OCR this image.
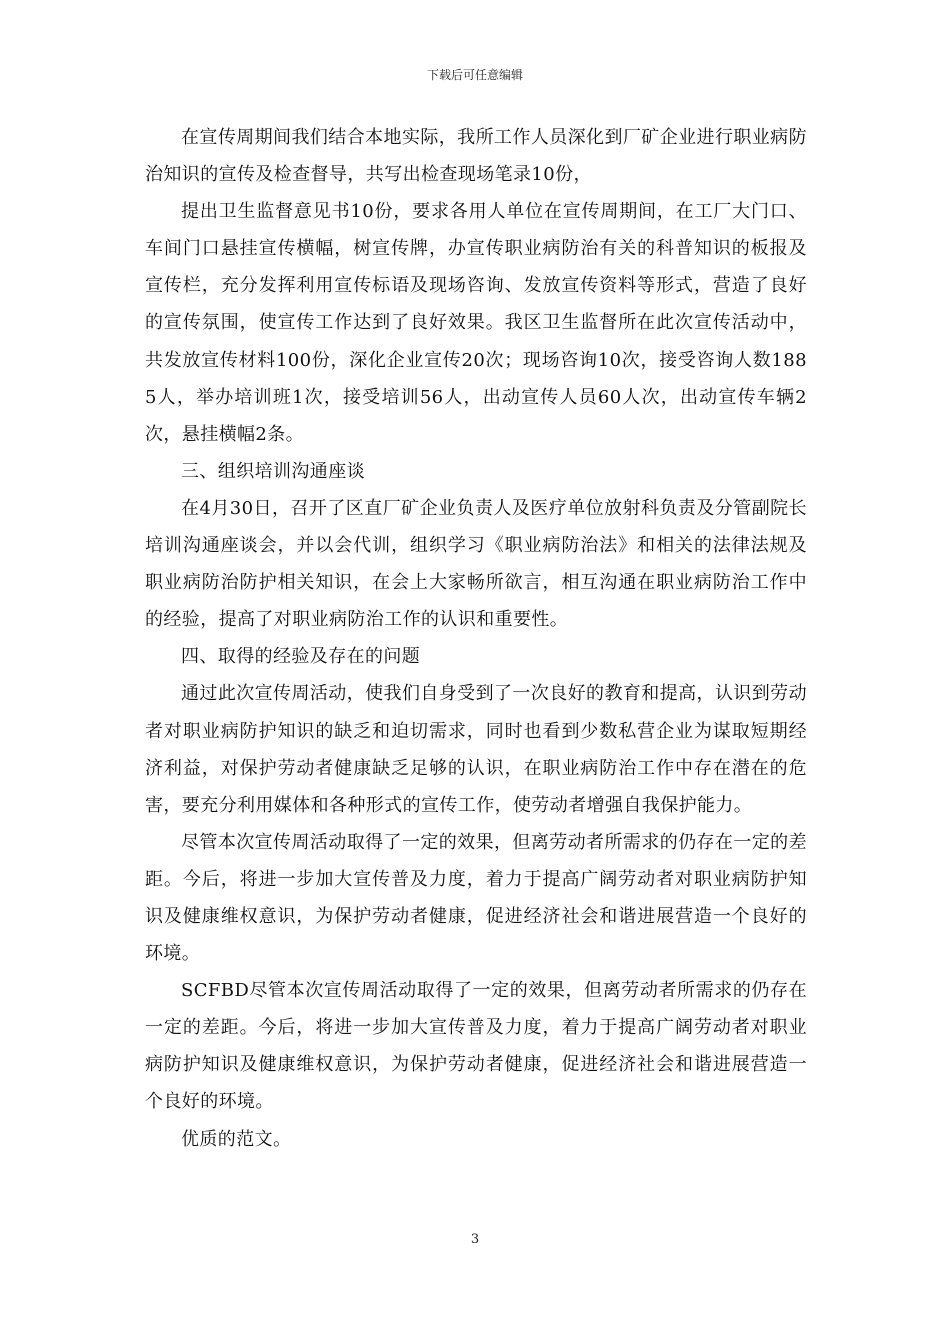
下载后可任意编辑

在宣传周期间我们结合本地实际，我所工作人员深化到厂矿企业进行职业病防治知识的宣传及检查督导，共写出检查现场笔录10份，

提出卫生监督意见书10份，要求各用人单位在宣传周期间，在工厂大门口、车间门口悬挂宣传横幅，树宣传牌，办宣传职业病防治有关的科普知识的板报及宣传栏，充分发挥利用宣传标语及现场咨询、发放宣传资料等形式，营造了良好的宣传氛围，使宣传工作达到了良好效果。我区卫生监督所在此次宣传活动中，共发放宣传材料100份，深化企业宣传20次；现场咨询10次，接受咨询人数1885人，举办培训班1次，接受培训56人，出动宣传人员60人次，出动宣传车辆2次，悬挂横幅2条。

三、组织培训沟通座谈

在4月30日，召开了区直厂矿企业负责人及医疗单位放射科负责及分管副院长培训沟通座谈会，并以会代训，组织学习《职业病防治法》和相关的法律法规及职业病防治防护相关知识，在会上大家畅所欲言，相互沟通在职业病防治工作中的经验，提高了对职业病防治工作的认识和重要性。

四、取得的经验及存在的问题

通过此次宣传周活动，使我们自身受到了一次良好的教育和提高，认识到劳动者对职业病防护知识的缺乏和迫切需求，同时也看到少数私营企业为谋取短期经济利益，对保护劳动者健康缺乏足够的认识，在职业病防治工作中存在潜在的危害，要充分利用媒体和各种形式的宣传工作，使劳动者增强自我保护能力。

尽管本次宣传周活动取得了一定的效果，但离劳动者所需求的仍存在一定的差距。今后，将进一步加大宣传普及力度，着力于提高广阔劳动者对职业病防护知识及健康维权意识，为保护劳动者健康，促进经济社会和谐进展营造一个良好的环境。

SCFBD尽管本次宣传周活动取得了一定的效果，但离劳动者所需求的仍存在一定的差距。今后，将进一步加大宣传普及力度，着力于提高广阔劳动者对职业病防护知识及健康维权意识，为保护劳动者健康，促进经济社会和谐进展营造一个良好的环境。

优质的范文。

3
